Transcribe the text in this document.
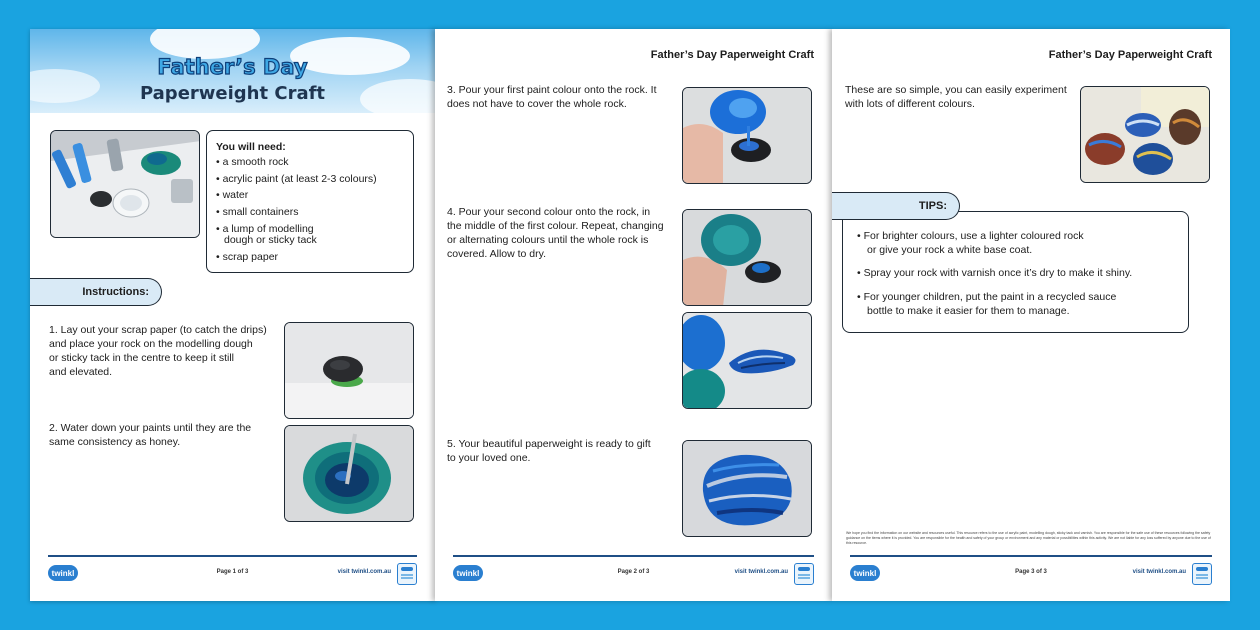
Father’s Day
Paperweight Craft
You will need:
• a smooth rock
• acrylic paint (at least 2-3 colours)
• water
• small containers
• a lump of modelling
dough or sticky tack
• scrap paper
Instructions:
1. Lay out your scrap paper (to catch the drips)
and place your rock on the modelling dough
or sticky tack in the centre to keep it still
and elevated.
2. Water down your paints until they are the
same consistency as honey.
twinkl	Page 1 of 3	visit twinkl.com.au
Father’s Day Paperweight Craft
3. Pour your first paint colour onto the rock. It
does not have to cover the whole rock.
4. Pour your second colour onto the rock, in
the middle of the first colour. Repeat, changing
or alternating colours until the whole rock is
covered. Allow to dry.
5. Your beautiful paperweight is ready to gift
to your loved one.
twinkl	Page 2 of 3	visit twinkl.com.au
Father’s Day Paperweight Craft
These are so simple, you can easily experiment
with lots of different colours.
• For brighter colours, use a lighter coloured rock
or give your rock a white base coat.
• Spray your rock with varnish once it’s dry to make it shiny.
• For younger children, put the paint in a recycled sauce
bottle to make it easier for them to manage.
TIPS:
We hope you find the information on our website and resources useful. This resource refers to the use of acrylic paint, modelling dough, sticky tack and varnish. You are responsible for the safe use of these resources following the safety guidance on the items where it is provided. You are responsible for the health and safety of your group or environment and any material or possibilities within this activity. We are not liable for any loss suffered by anyone due to the use of this resource.
twinkl	Page 3 of 3	visit twinkl.com.au
